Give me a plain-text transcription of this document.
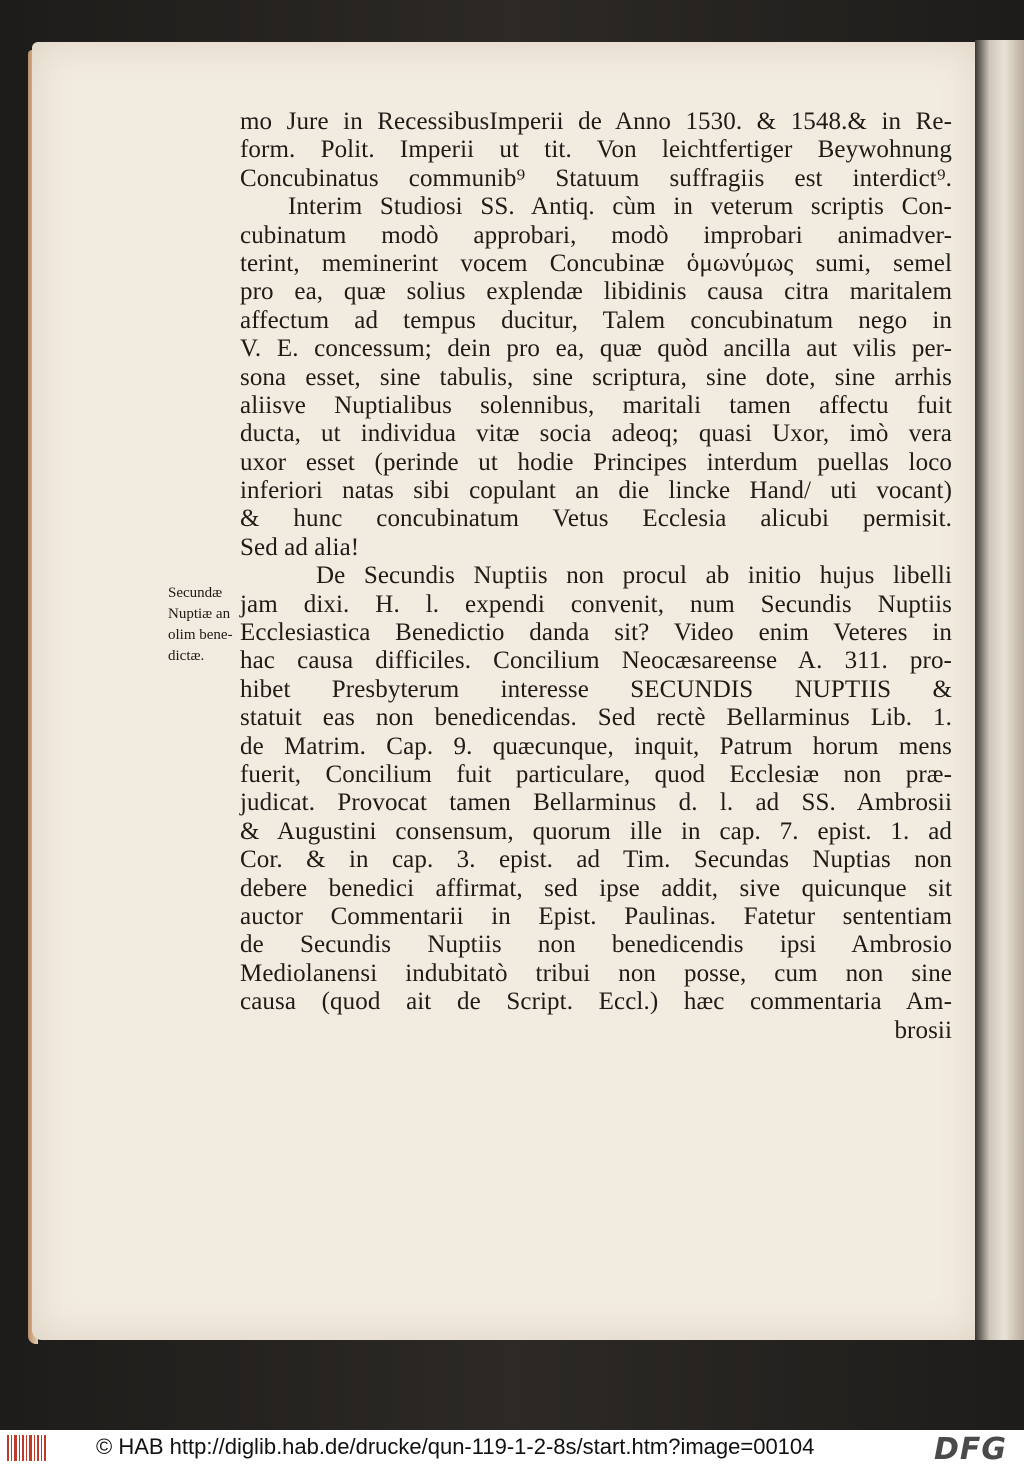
mo Jure in RecessibusImperii de Anno 1530. & 1548.& in Re-
form. Polit. Imperii ut tit. Von leichtfertiger Beywohnung
Concubinatus communib⁹ Statuum suffragiis est interdict⁹.
Interim Studiosi SS. Antiq. cùm in veterum scriptis Con-
cubinatum modò approbari, modò improbari animadver-
terint, meminerint vocem Concubinæ ὁμωνύμως sumi, semel
pro ea, quæ solius explendæ libidinis causa citra maritalem
affectum ad tempus ducitur, Talem concubinatum nego in
V. E. concessum; dein pro ea, quæ quòd ancilla aut vilis per-
sona esset, sine tabulis, sine scriptura, sine dote, sine arrhis
aliisve Nuptialibus solennibus, maritali tamen affectu fuit
ducta, ut individua vitæ socia adeoq; quasi Uxor, imò vera
uxor esset (perinde ut hodie Principes interdum puellas loco
inferiori natas sibi copulant an die lincke Hand/ uti vocant)
& hunc concubinatum Vetus Ecclesia alicubi permisit.
Sed ad alia!
De Secundis Nuptiis non procul ab initio hujus libelli
jam dixi. H. l. expendi convenit, num Secundis Nuptiis
Ecclesiastica Benedictio danda sit? Video enim Veteres in
hac causa difficiles. Concilium Neocæsareense A. 311. pro-
hibet Presbyterum interesse SECUNDIS NUPTIIS &
statuit eas non benedicendas. Sed rectè Bellarminus Lib. 1.
de Matrim. Cap. 9. quæcunque, inquit, Patrum horum mens
fuerit, Concilium fuit particulare, quod Ecclesiæ non præ-
judicat. Provocat tamen Bellarminus d. l. ad SS. Ambrosii
& Augustini consensum, quorum ille in cap. 7. epist. 1. ad
Cor. & in cap. 3. epist. ad Tim. Secundas Nuptias non
debere benedici affirmat, sed ipse addit, sive quicunque sit
auctor Commentarii in Epist. Paulinas. Fatetur sententiam
de Secundis Nuptiis non benedicendis ipsi Ambrosio
Mediolanensi indubitatò tribui non posse, cum non sine
causa (quod ait de Script. Eccl.) hæc commentaria Am-
brosii
Secundæ
Nuptiæ an
olim bene-
dictæ.
© HAB http://diglib.hab.de/drucke/qun-119-1-2-8s/start.htm?image=00104	DFG
